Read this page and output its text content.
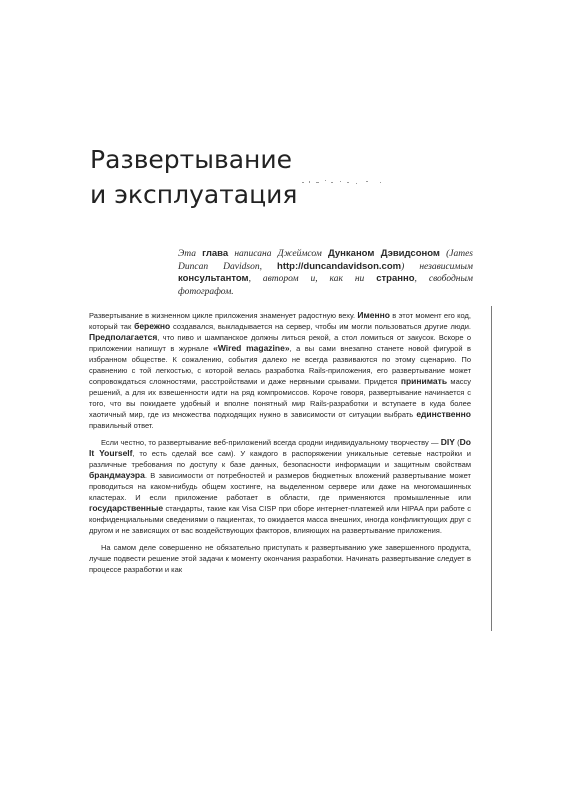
Развертывание
и эксплуатация

Эта глава написана Джеймсом Дунканом Дэвидсоном (James Duncan Davidson, http://duncandavidson.com) независимым консультантом, автором и, как ни странно, свободным фотографом.

Развертывание в жизненном цикле приложения знаменует радостную веху. Именно в этот момент его код, который так бережно создавался, выкладывается на сервер, чтобы им могли пользоваться другие люди. Предполагается, что пиво и шампанское должны литься рекой, а стол ломиться от закусок. Вскоре о приложении напишут в журнале «Wired magazine», а вы сами внезапно станете новой фигурой в избранном обществе. К сожалению, события далеко не всегда развиваются по этому сценарию. По сравнению с той легкостью, с которой велась разработка Rails-приложения, его развертывание может сопровождаться сложностями, расстройствами и даже нервными срывами. Придется принимать массу решений, а для их взвешенности идти на ряд компромиссов. Короче говоря, развертывание начинается с того, что вы покидаете удобный и вполне понятный мир Rails-разработки и вступаете в куда более хаотичный мир, где из множества подходящих нужно в зависимости от ситуации выбрать единственно правильный ответ.

Если честно, то развертывание веб-приложений всегда сродни индивидуальному творчеству — DIY (Do It Yourself, то есть сделай все сам). У каждого в распоряжении уникальные сетевые настройки и различные требования по доступу к базе данных, безопасности информации и защитным свойствам брандмауэра. В зависимости от потребностей и размеров бюджетных вложений развертывание может проводиться на каком-нибудь общем хостинге, на выделенном сервере или даже на многомашинных кластерах. И если приложение работает в области, где применяются промышленные или государственные стандарты, такие как Visa CISP при сборе интернет-платежей или HIPAA при работе с конфиденциальными сведениями о пациентах, то ожидается масса внешних, иногда конфликтующих друг с другом и не зависящих от вас воздействующих факторов, влияющих на развертывание приложения.

На самом деле совершенно не обязательно приступать к развертыванию уже завершенного продукта, лучше подвести решение этой задачи к моменту окончания разработки. Начинать развертывание следует в процессе разработки и как
